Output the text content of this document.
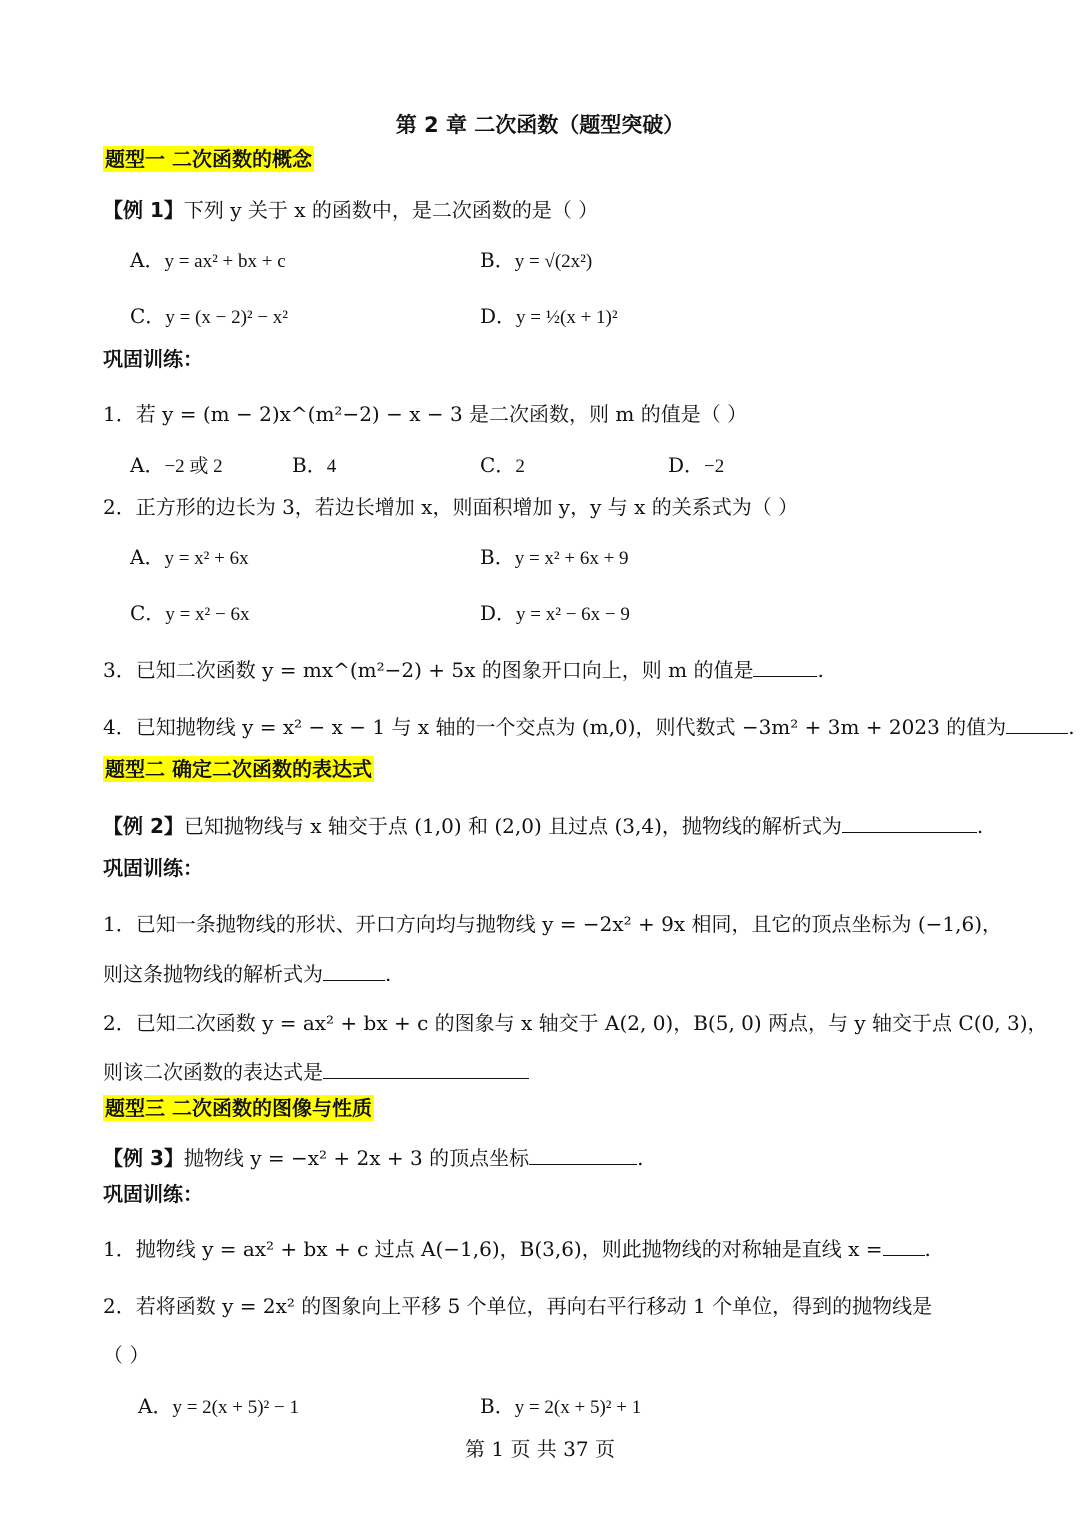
第 2 章 二次函数（题型突破）
题型一 二次函数的概念
【例 1】下列 y 关于 x 的函数中，是二次函数的是（ ）
A．y = ax² + bx + c	B．y = √(2x²)
C．y = (x − 2)² − x²	D．y = ½(x + 1)²
巩固训练：
1．若 y = (m − 2)x^(m²−2) − x − 3 是二次函数，则 m 的值是（ ）
A．−2 或 2	B．4	C．2	D．−2
2．正方形的边长为 3，若边长增加 x，则面积增加 y，y 与 x 的关系式为（ ）
A．y = x² + 6x	B．y = x² + 6x + 9
C．y = x² − 6x	D．y = x² − 6x − 9
3．已知二次函数 y = mx^(m²−2) + 5x 的图象开口向上，则 m 的值是	.
4．已知抛物线 y = x² − x − 1 与 x 轴的一个交点为 (m,0)，则代数式 −3m² + 3m + 2023 的值为	.
题型二 确定二次函数的表达式
【例 2】已知抛物线与 x 轴交于点 (1,0) 和 (2,0) 且过点 (3,4)，抛物线的解析式为	.
巩固训练：
1．已知一条抛物线的形状、开口方向均与抛物线 y = −2x² + 9x 相同，且它的顶点坐标为 (−1,6)，
则这条抛物线的解析式为	.
2．已知二次函数 y = ax² + bx + c 的图象与 x 轴交于 A(2, 0)，B(5, 0) 两点，与 y 轴交于点 C(0, 3)，
则该二次函数的表达式是
题型三 二次函数的图像与性质
【例 3】抛物线 y = −x² + 2x + 3 的顶点坐标	.
巩固训练：
1．抛物线 y = ax² + bx + c 过点 A(−1,6)，B(3,6)，则此抛物线的对称轴是直线 x = .
2．若将函数 y = 2x² 的图象向上平移 5 个单位，再向右平行移动 1 个单位，得到的抛物线是
（ ）
A．y = 2(x + 5)² − 1	B．y = 2(x + 5)² + 1
第 1 页 共 37 页
